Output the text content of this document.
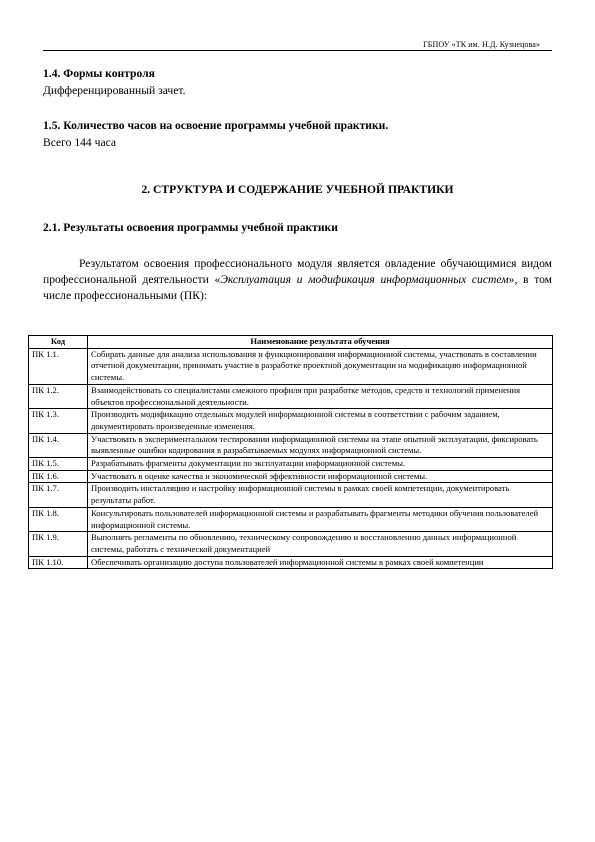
ГБПОУ «ТК им. Н.Д. Кузнецова»
1.4. Формы контроля
Дифференцированный зачет.
1.5. Количество часов на освоение программы учебной практики.
Всего 144 часа
2. СТРУКТУРА И СОДЕРЖАНИЕ УЧЕБНОЙ ПРАКТИКИ
2.1. Результаты освоения программы учебной практики
Результатом освоения профессионального модуля является овладение обучающимися видом профессиональной деятельности «Эксплуатация и модификация информационных систем», в том числе профессиональными (ПК):
Код	Наименование результата обучения
ПК 1.1.	Собирать данные для анализа использования и функционирования информационной системы, участвовать в составлении отчетной документации, принимать участие в разработке проектной документации на модификацию информационной системы.
ПК 1.2.	Взаимодействовать со специалистами смежного профиля при разработке методов, средств и технологий применения объектов профессиональной деятельности.
ПК 1.3.	Производить модификацию отдельных модулей информационной системы в соответствии с рабочим заданием, документировать произведенные изменения.
ПК 1.4.	Участвовать в экспериментальном тестировании информационной системы на этапе опытной эксплуатации, фиксировать выявленные ошибки кодирования в разрабатываемых модулях информационной системы.
ПК 1.5.	Разрабатывать фрагменты документации по эксплуатации информационной системы.
ПК 1.6.	Участвовать в оценке качества и экономической эффективности информационной системы.
ПК 1.7.	Производить инсталляцию и настройку информационной системы в рамках своей компетенции, документировать результаты работ.
ПК 1.8.	Консультировать пользователей информационной системы и разрабатывать фрагменты методики обучения пользователей информационной системы.
ПК 1.9.	Выполнять регламенты по обновлению, техническому сопровождению и восстановлению данных информационной системы, работать с технической документацией
ПК 1.10.	Обеспечивать организацию доступа пользователей информационной системы в рамках своей компетенции
